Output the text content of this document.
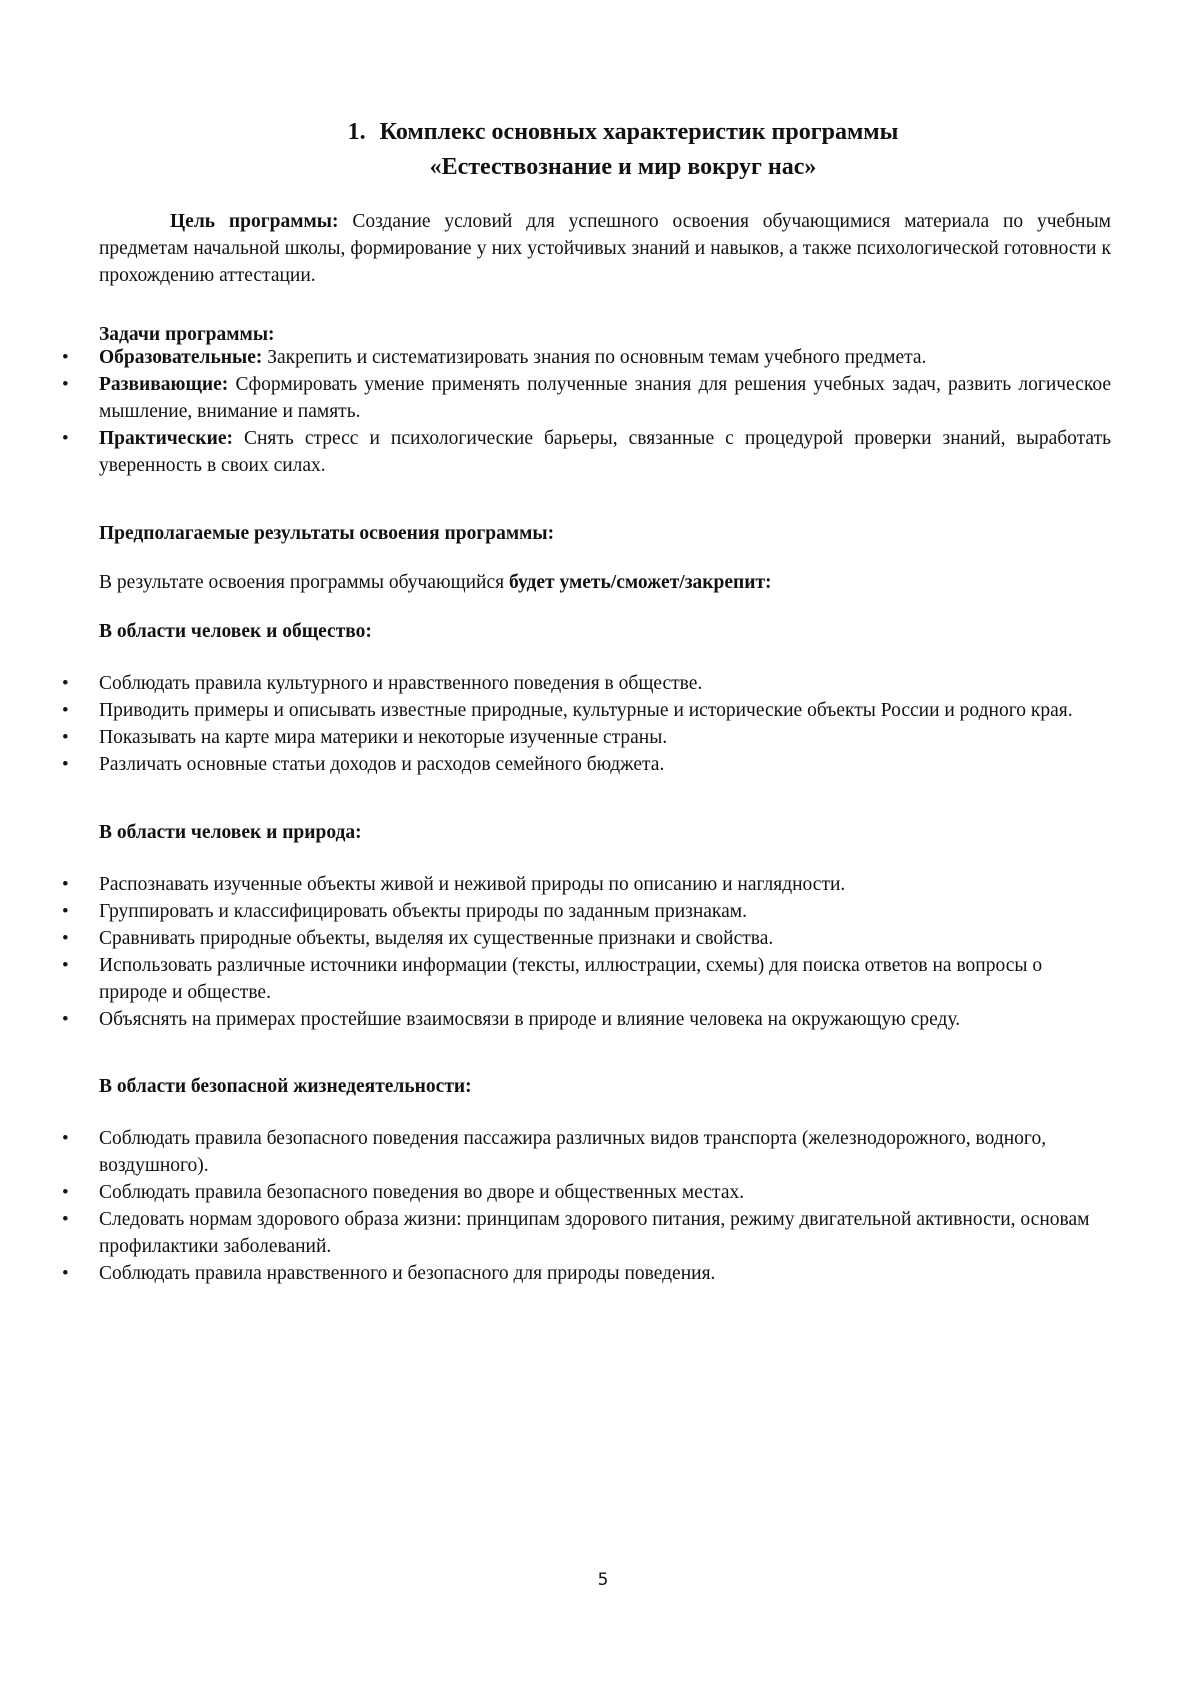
1. Комплекс основных характеристик программы
«Естествознание и мир вокруг нас»
Цель программы: Создание условий для успешного освоения обучающимися материала по учебным предметам начальной школы, формирование у них устойчивых знаний и навыков, а также психологической готовности к прохождению аттестации.
Задачи программы:
• Образовательные: Закрепить и систематизировать знания по основным темам учебного предмета.
• Развивающие: Сформировать умение применять полученные знания для решения учебных задач, развить логическое мышление, внимание и память.
• Практические: Снять стресс и психологические барьеры, связанные с процедурой проверки знаний, выработать уверенность в своих силах.
Предполагаемые результаты освоения программы:
В результате освоения программы обучающийся будет уметь/сможет/закрепит:
В области человек и общество:
• Соблюдать правила культурного и нравственного поведения в обществе.
• Приводить примеры и описывать известные природные, культурные и исторические объекты России и родного края.
• Показывать на карте мира материки и некоторые изученные страны.
• Различать основные статьи доходов и расходов семейного бюджета.
В области человек и природа:
• Распознавать изученные объекты живой и неживой природы по описанию и наглядности.
• Группировать и классифицировать объекты природы по заданным признакам.
• Сравнивать природные объекты, выделяя их существенные признаки и свойства.
• Использовать различные источники информации (тексты, иллюстрации, схемы) для поиска ответов на вопросы о природе и обществе.
• Объяснять на примерах простейшие взаимосвязи в природе и влияние человека на окружающую среду.
В области безопасной жизнедеятельности:
• Соблюдать правила безопасного поведения пассажира различных видов транспорта (железнодорожного, водного, воздушного).
• Соблюдать правила безопасного поведения во дворе и общественных местах.
• Следовать нормам здорового образа жизни: принципам здорового питания, режиму двигательной активности, основам профилактики заболеваний.
• Соблюдать правила нравственного и безопасного для природы поведения.
5
